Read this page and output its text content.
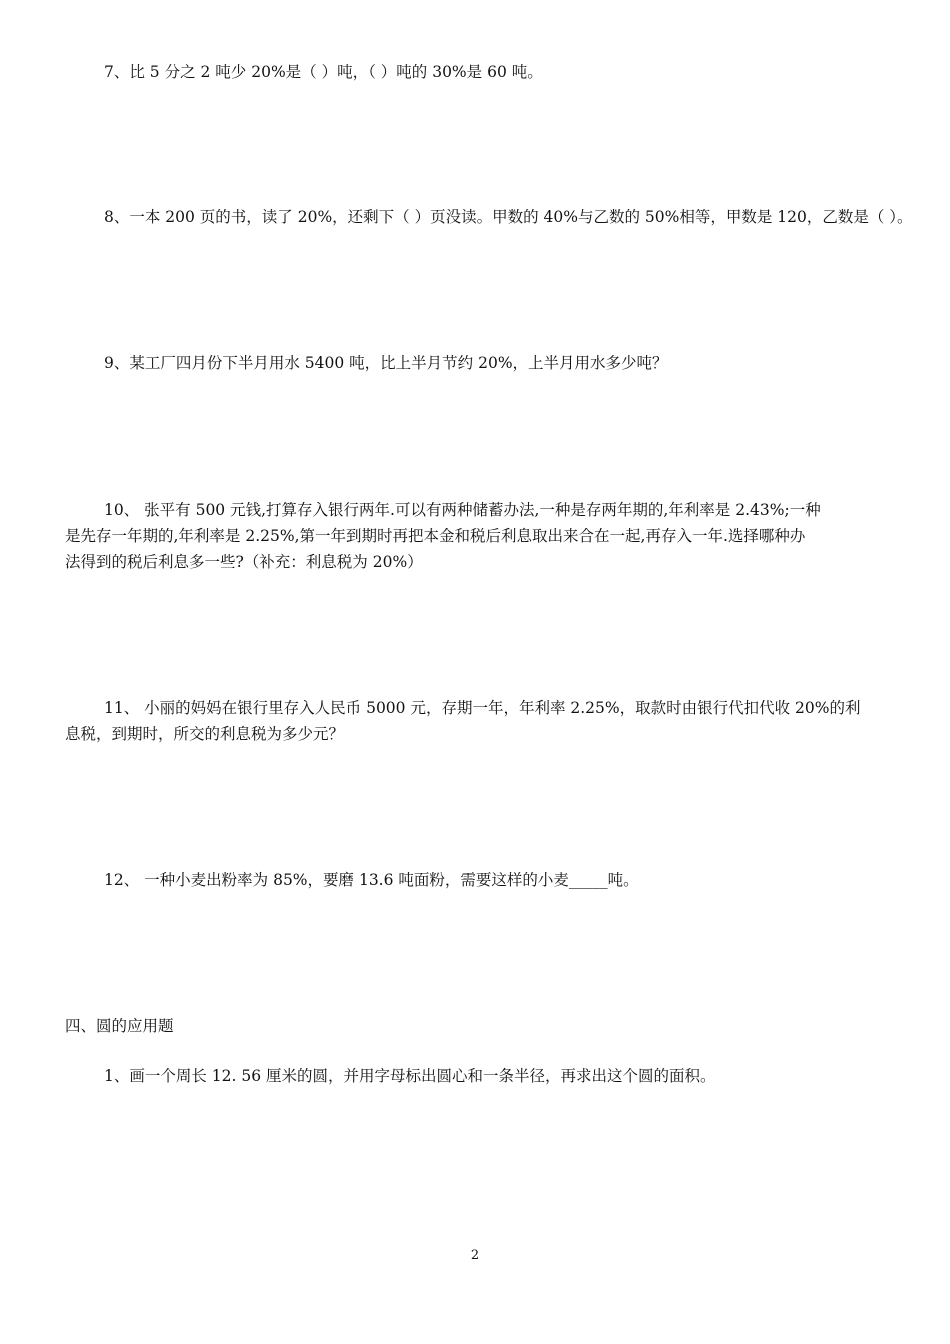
7、比 5 分之 2 吨少 20%是（ ）吨，（ ）吨的 30%是 60 吨。

8、一本 200 页的书，读了 20%，还剩下（ ）页没读。甲数的 40%与乙数的 50%相等，甲数是 120，乙数是（ ）。

9、某工厂四月份下半月用水 5400 吨，比上半月节约 20%，上半月用水多少吨？

10、 张平有 500 元钱,打算存入银行两年.可以有两种储蓄办法,一种是存两年期的,年利率是 2.43%;一种

是先存一年期的,年利率是 2.25%,第一年到期时再把本金和税后利息取出来合在一起,再存入一年.选择哪种办

法得到的税后利息多一些?（补充：利息税为 20%）

11、 小丽的妈妈在银行里存入人民币 5000 元，存期一年，年利率 2.25%，取款时由银行代扣代收 20%的利

息税，到期时，所交的利息税为多少元？

12、 一种小麦出粉率为 85%，要磨 13.6 吨面粉，需要这样的小麦_____吨。

四、圆的应用题

1、画一个周长 12. 56 厘米的圆，并用字母标出圆心和一条半径，再求出这个圆的面积。

2
